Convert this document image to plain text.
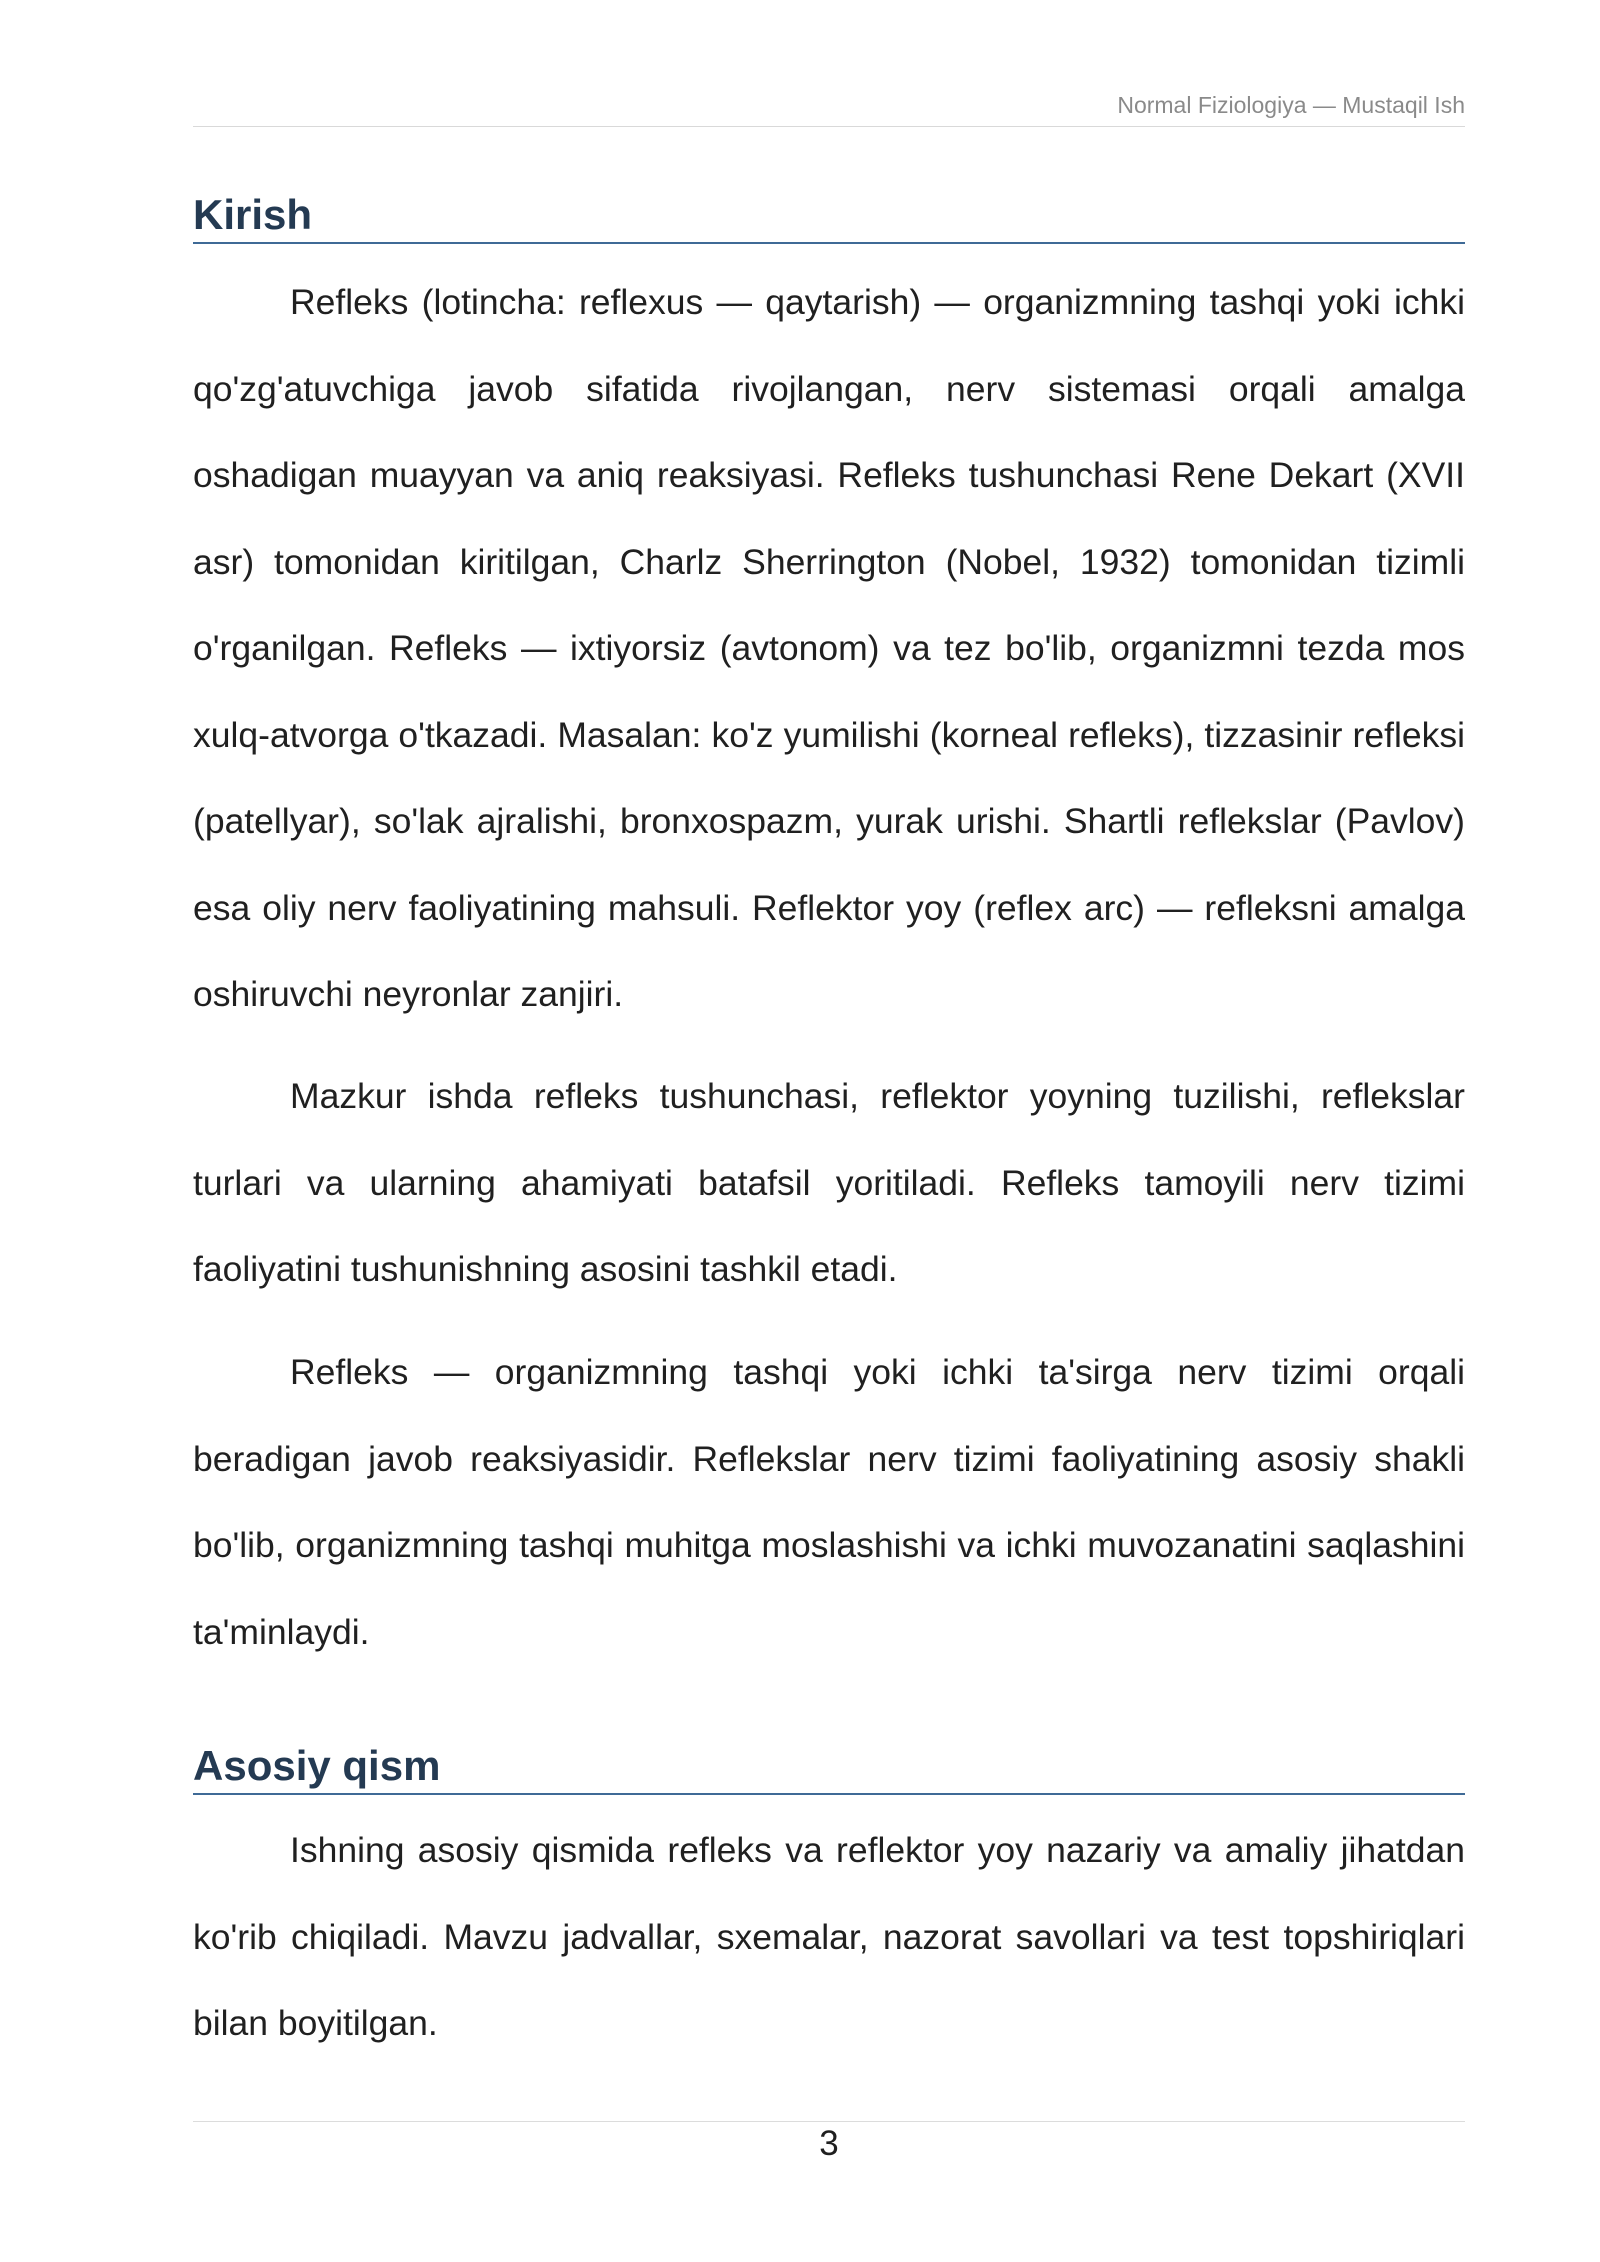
Normal Fiziologiya — Mustaqil Ish
Kirish

Refleks (lotincha: reflexus — qaytarish) — organizmning tashqi yoki ichki qo'zg'atuvchiga javob sifatida rivojlangan, nerv sistemasi orqali amalga oshadigan muayyan va aniq reaksiyasi. Refleks tushunchasi Rene Dekart (XVII asr) tomonidan kiritilgan, Charlz Sherrington (Nobel, 1932) tomonidan tizimli o'rganilgan. Refleks — ixtiyorsiz (avtonom) va tez bo'lib, organizmni tezda mos xulq-atvorga o'tkazadi. Masalan: ko'z yumilishi (korneal refleks), tizzasinir refleksi (patellyar), so'lak ajralishi, bronxospazm, yurak urishi. Shartli reflekslar (Pavlov) esa oliy nerv faoliyatining mahsuli. Reflektor yoy (reflex arc) — refleksni amalga oshiruvchi neyronlar zanjiri.

Mazkur ishda refleks tushunchasi, reflektor yoyning tuzilishi, reflekslar turlari va ularning ahamiyati batafsil yoritiladi. Refleks tamoyili nerv tizimi faoliyatini tushunishning asosini tashkil etadi.

Refleks — organizmning tashqi yoki ichki ta'sirga nerv tizimi orqali beradigan javob reaksiyasidir. Reflekslar nerv tizimi faoliyatining asosiy shakli bo'lib, organizmning tashqi muhitga moslashishi va ichki muvozanatini saqlashini ta'minlaydi.

Asosiy qism

Ishning asosiy qismida refleks va reflektor yoy nazariy va amaliy jihatdan ko'rib chiqiladi. Mavzu jadvallar, sxemalar, nazorat savollari va test topshiriqlari bilan boyitilgan.

3
